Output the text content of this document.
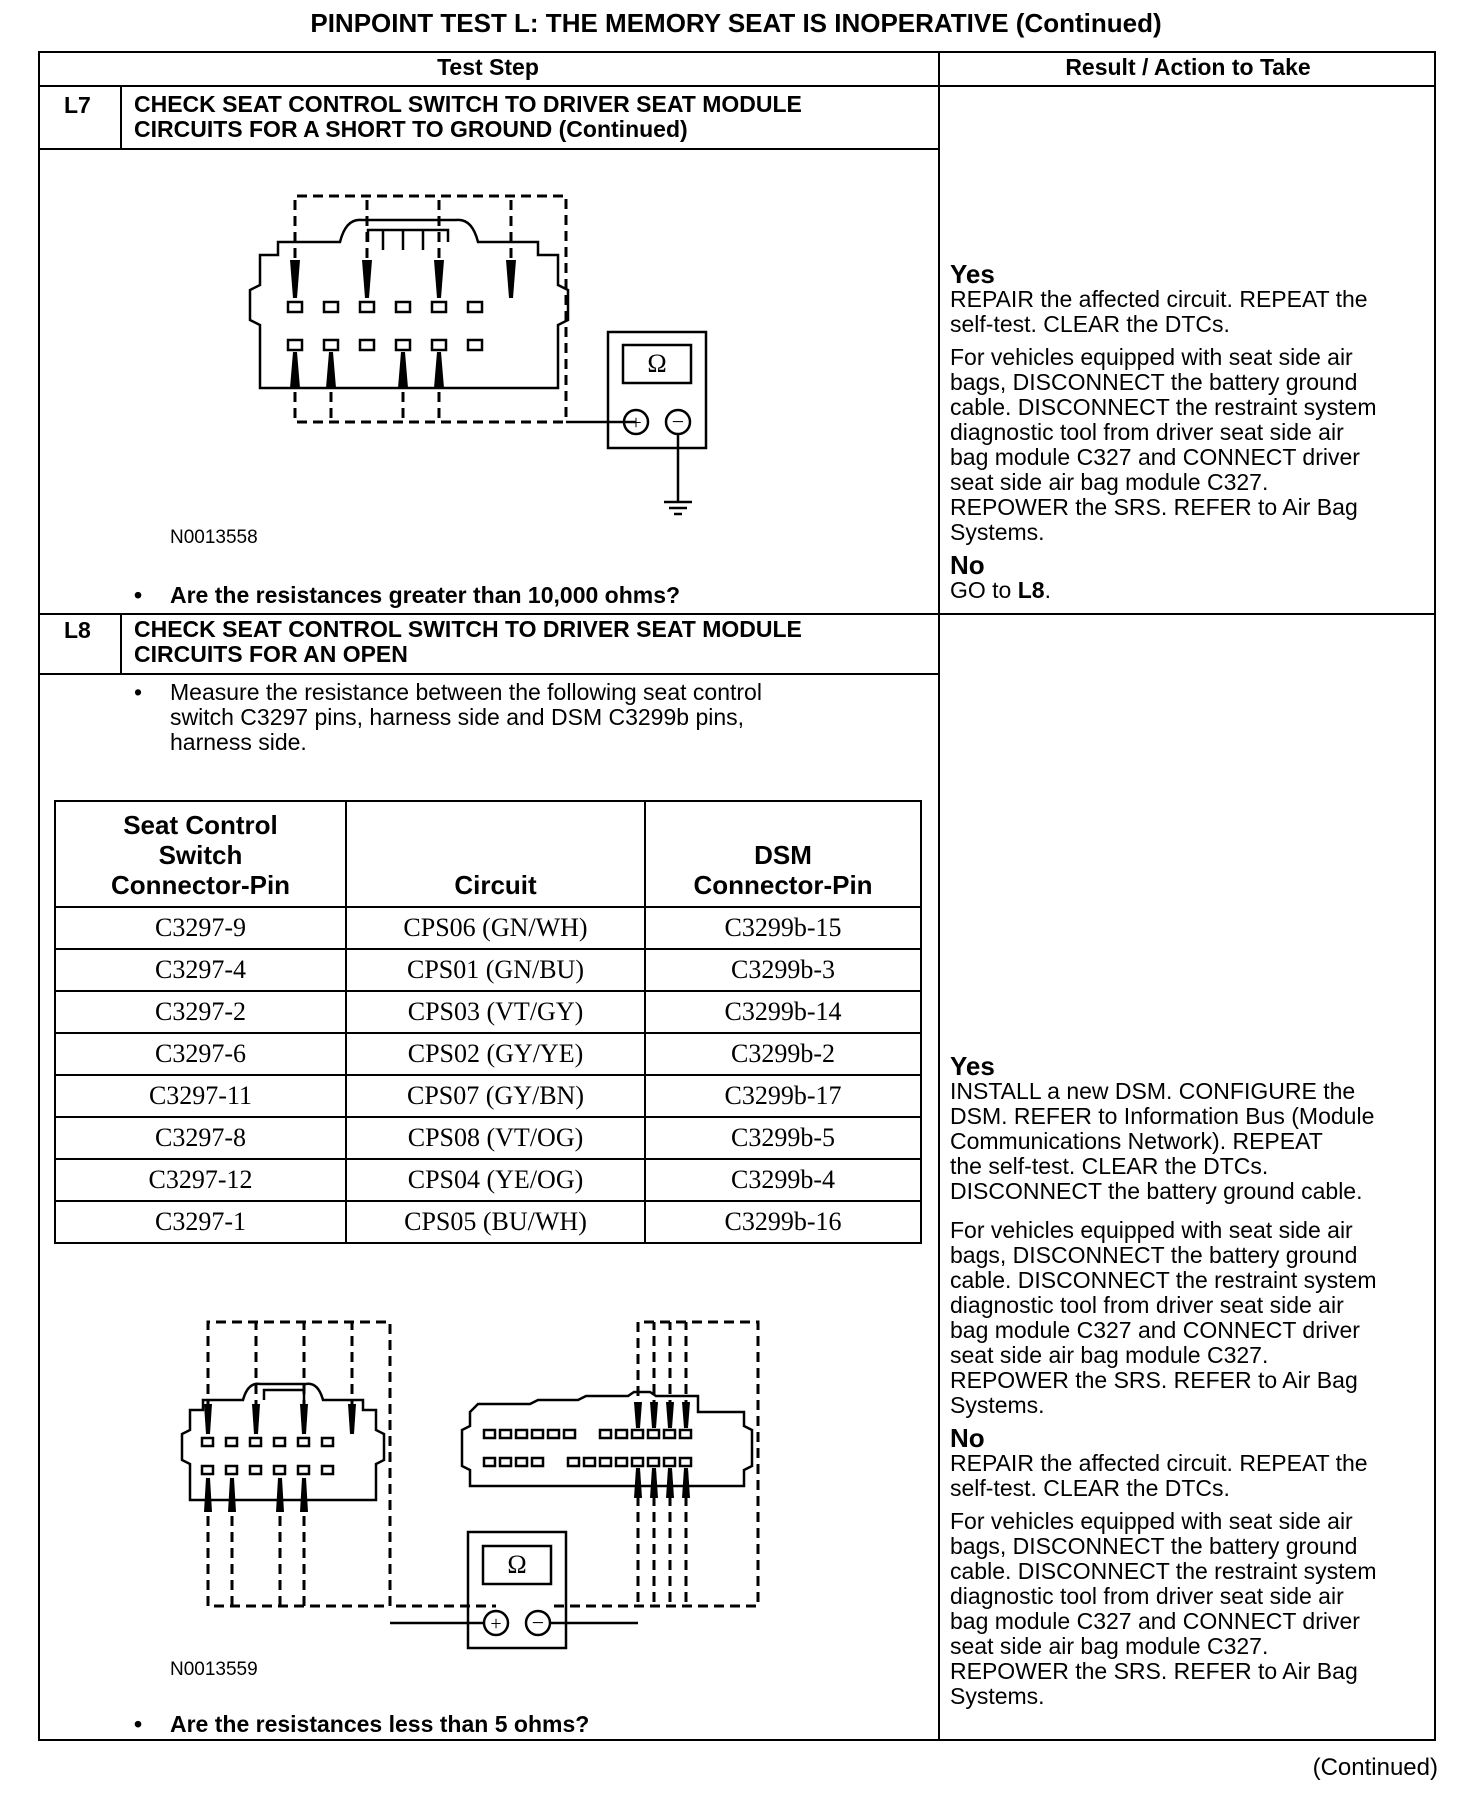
PINPOINT TEST L: THE MEMORY SEAT IS INOPERATIVE (Continued)
Test Step	Result / Action to Take
L7 CHECK SEAT CONTROL SWITCH TO DRIVER SEAT MODULE
CIRCUITS FOR A SHORT TO GROUND (Continued)
Ω
+ −
N0013558
• Are the resistances greater than 10,000 ohms?
Yes

REPAIR the affected circuit. REPEAT the
self-test. CLEAR the DTCs.

For vehicles equipped with seat side air
bags, DISCONNECT the battery ground
cable. DISCONNECT the restraint system
diagnostic tool from driver seat side air
bag module C327 and CONNECT driver
seat side air bag module C327.
REPOWER the SRS. REFER to Air Bag
Systems.

No
GO to L8.
L8 CHECK SEAT CONTROL SWITCH TO DRIVER SEAT MODULE
CIRCUITS FOR AN OPEN
• Measure the resistance between the following seat control
switch C3297 pins, harness side and DSM C3299b pins,
harness side.
Seat Control
Switch
Connector-Pin	Circuit	DSM
Connector-Pin
C3297-9	CPS06 (GN/WH)	C3299b-15
C3297-4	CPS01 (GN/BU)	C3299b-3
C3297-2	CPS03 (VT/GY)	C3299b-14
C3297-6	CPS02 (GY/YE)	C3299b-2
C3297-11	CPS07 (GY/BN)	C3299b-17
C3297-8	CPS08 (VT/OG)	C3299b-5
C3297-12	CPS04 (YE/OG)	C3299b-4
C3297-1	CPS05 (BU/WH)	C3299b-16
Ω
+ −
N0013559
• Are the resistances less than 5 ohms?
Yes

INSTALL a new DSM. CONFIGURE the
DSM. REFER to Information Bus (Module
Communications Network). REPEAT
the self-test. CLEAR the DTCs.
DISCONNECT the battery ground cable.

For vehicles equipped with seat side air
bags, DISCONNECT the battery ground
cable. DISCONNECT the restraint system
diagnostic tool from driver seat side air
bag module C327 and CONNECT driver
seat side air bag module C327.
REPOWER the SRS. REFER to Air Bag
Systems.

No

REPAIR the affected circuit. REPEAT the
self-test. CLEAR the DTCs.

For vehicles equipped with seat side air
bags, DISCONNECT the battery ground
cable. DISCONNECT the restraint system
diagnostic tool from driver seat side air
bag module C327 and CONNECT driver
seat side air bag module C327.
REPOWER the SRS. REFER to Air Bag
Systems.

(Continued)
